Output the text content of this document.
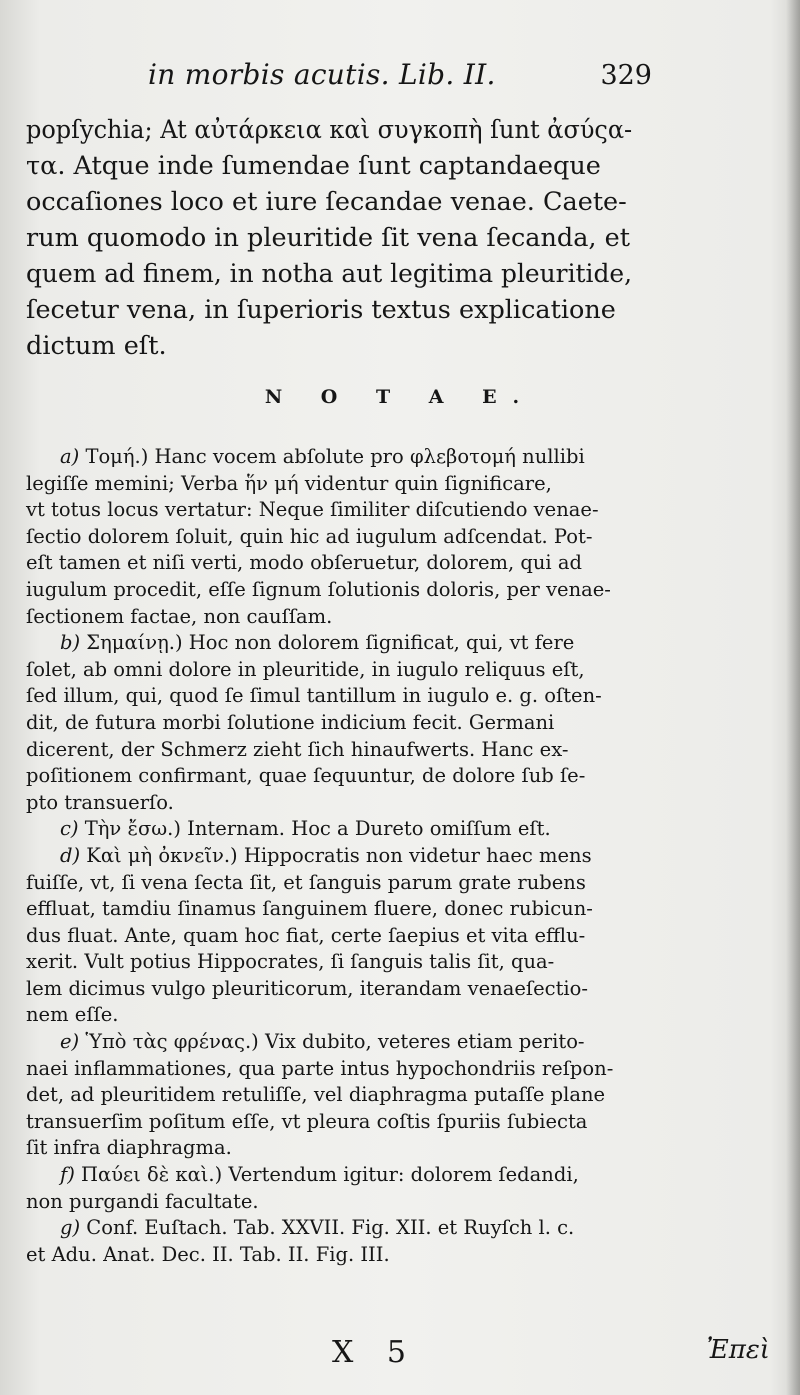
in morbis acutis. Lib. II.	329
popſychia; At αὐτάρκεια καὶ συγκοπὴ ſunt ἀσύςα-
τα. Atque inde ſumendae ſunt captandaeque
occaſiones loco et iure ſecandae venae. Caete-
rum quomodo in pleuritide ſit vena ſecanda, et
quem ad finem, in notha aut legitima pleuritide,
ſecetur vena, in ſuperioris textus explicatione
dictum eſt.
N O T A E.
a) Τομή.) Hanc vocem abſolute pro φλεβοτομή nullibi
legiſſe memini; Verba ἥν μή videntur quin ſignificare,
vt totus locus vertatur: Neque ſimiliter diſcutiendo venae-
ſectio dolorem ſoluit, quin hic ad iugulum adſcendat. Pot-
eſt tamen et niſi verti, modo obſeruetur, dolorem, qui ad
iugulum procedit, eſſe ſignum ſolutionis doloris, per venae-
ſectionem factae, non cauſſam.
b) Σημαίνῃ.) Hoc non dolorem ſignificat, qui, vt fere
ſolet, ab omni dolore in pleuritide, in iugulo reliquus eſt,
ſed illum, qui, quod ſe ſimul tantillum in iugulo e. g. oſten-
dit, de futura morbi ſolutione indicium fecit. Germani
dicerent, der Schmerz zieht ſich hinaufwerts. Hanc ex-
poſitionem confirmant, quae ſequuntur, de dolore ſub ſe-
pto transuerſo.
c) Τὴν ἔσω.) Internam. Hoc a Dureto omiſſum eſt.
d) Καὶ μὴ ὀκνεῖν.) Hippocratis non videtur haec mens
fuiſſe, vt, ſi vena ſecta ſit, et ſanguis parum grate rubens
effluat, tamdiu ſinamus ſanguinem fluere, donec rubicun-
dus fluat. Ante, quam hoc fiat, certe ſaepius et vita efflu-
xerit. Vult potius Hippocrates, ſi ſanguis talis ſit, qua-
lem dicimus vulgo pleuriticorum, iterandam venaeſectio-
nem eſſe.
e) Ὑπὸ τὰς φρένας.) Vix dubito, veteres etiam perito-
naei inflammationes, qua parte intus hypochondriis reſpon-
det, ad pleuritidem retuliſſe, vel diaphragma putaſſe plane
transuerſim poſitum eſſe, vt pleura coſtis ſpuriis ſubiecta
ſit infra diaphragma.
f) Παύει δὲ καὶ.) Vertendum igitur: dolorem ſedandi,
non purgandi facultate.
g) Conf. Euſtach. Tab. XXVII. Fig. XII. et Ruyſch l. c.
et Adu. Anat. Dec. II. Tab. II. Fig. III.
X 5	Ἐπεὶ
